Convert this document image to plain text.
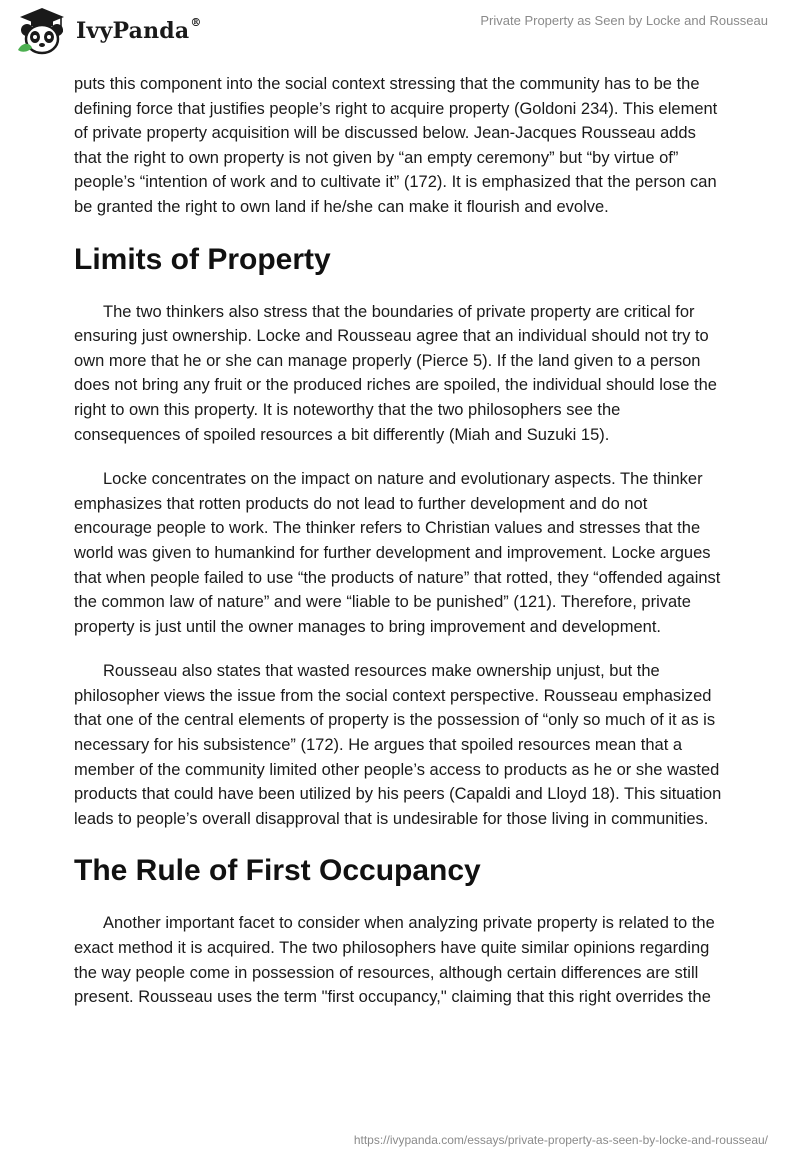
IvyPanda®	Private Property as Seen by Locke and Rousseau

puts this component into the social context stressing that the community has to be the defining force that justifies people’s right to acquire property (Goldoni 234). This element of private property acquisition will be discussed below. Jean-Jacques Rousseau adds that the right to own property is not given by “an empty ceremony” but “by virtue of” people’s “intention of work and to cultivate it” (172). It is emphasized that the person can be granted the right to own land if he/she can make it flourish and evolve.

Limits of Property

The two thinkers also stress that the boundaries of private property are critical for ensuring just ownership. Locke and Rousseau agree that an individual should not try to own more that he or she can manage properly (Pierce 5). If the land given to a person does not bring any fruit or the produced riches are spoiled, the individual should lose the right to own this property. It is noteworthy that the two philosophers see the consequences of spoiled resources a bit differently (Miah and Suzuki 15).

Locke concentrates on the impact on nature and evolutionary aspects. The thinker emphasizes that rotten products do not lead to further development and do not encourage people to work. The thinker refers to Christian values and stresses that the world was given to humankind for further development and improvement. Locke argues that when people failed to use “the products of nature” that rotted, they “offended against the common law of nature” and were “liable to be punished” (121). Therefore, private property is just until the owner manages to bring improvement and development.

Rousseau also states that wasted resources make ownership unjust, but the philosopher views the issue from the social context perspective. Rousseau emphasized that one of the central elements of property is the possession of “only so much of it as is necessary for his subsistence” (172). He argues that spoiled resources mean that a member of the community limited other people’s access to products as he or she wasted products that could have been utilized by his peers (Capaldi and Lloyd 18). This situation leads to people’s overall disapproval that is undesirable for those living in communities.

The Rule of First Occupancy

Another important facet to consider when analyzing private property is related to the exact method it is acquired. The two philosophers have quite similar opinions regarding the way people come in possession of resources, although certain differences are still present. Rousseau uses the term "first occupancy," claiming that this right overrides the

https://ivypanda.com/essays/private-property-as-seen-by-locke-and-rousseau/
